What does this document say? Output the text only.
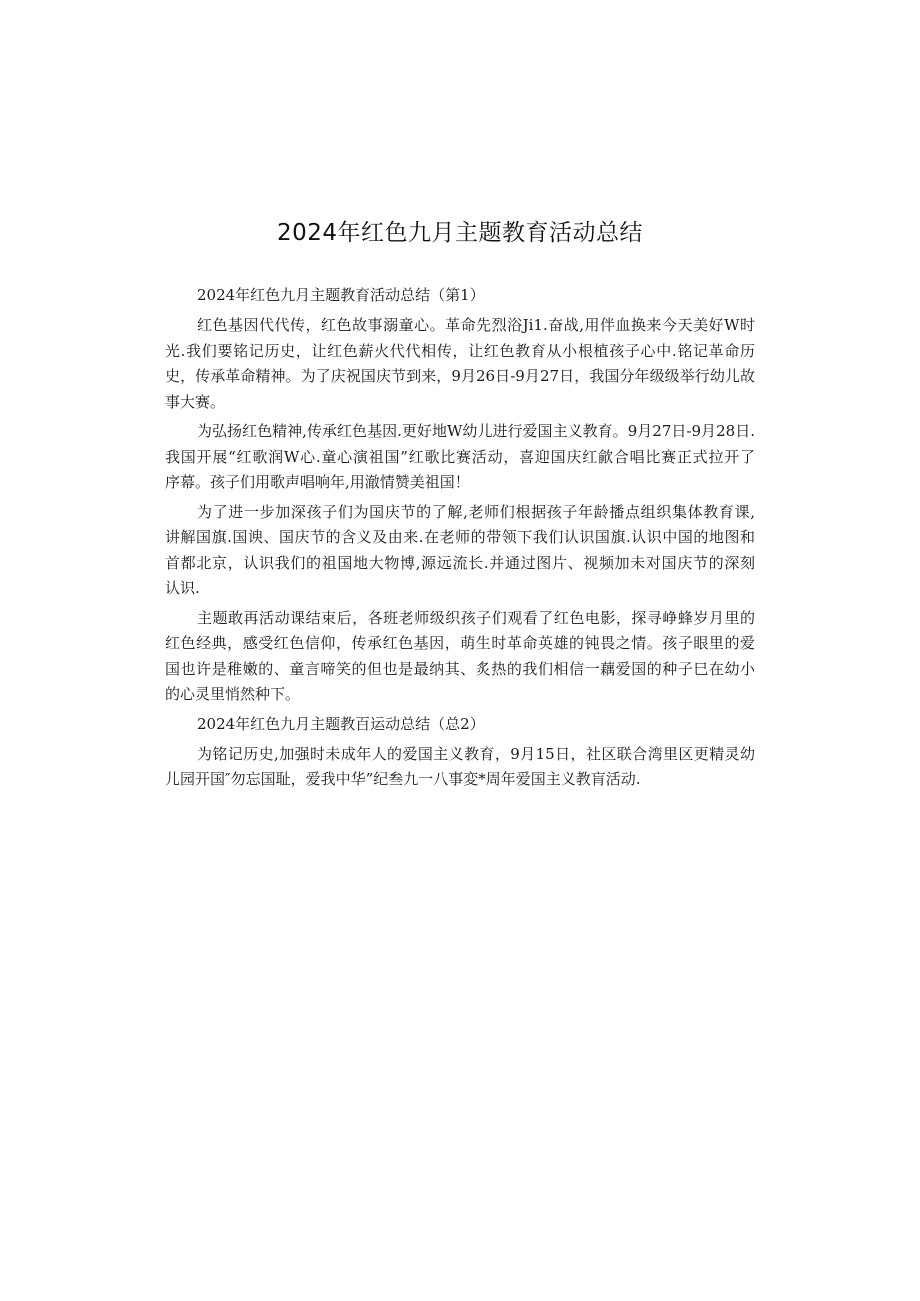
2024年红色九月主题教育活动总结

2024年红色九月主题教育活动总结（第1）

红色基因代代传，红色故事溺童心。革命先烈浴Ji1.奋战,用伴血换来今天美好W时
光.我们要铭记历史，让红色薪火代代相传，让红色教育从小根植孩子心中.铭记革命历
史，传承革命精神。为了庆祝国庆节到来，9月26日-9月27日，我国分年级级举行幼儿故
事大赛。

为弘扬红色精神,传承红色基因.更好地W幼儿进行爱国主义教育。9月27日-9月28日.
我国开展“红歌润W心.童心演祖国”红歌比赛活动，喜迎国庆红歈合唱比赛正式拉开了
序幕。孩子们用歌声唱响年,用澈情赞美祖国！

为了进一步加深孩子们为国庆节的了解,老师们根据孩子年龄播点组织集体教育课,
讲解国旗.国谀、国庆节的含义及由来.在老师的带领下我们认识国旗.认识中国的地图和
首都北京，认识我们的祖国地大物博,源远流长.并通过图片、视频加未对国庆节的深刻
认识.

主题敢再活动课结束后，各班老师级织孩子们观看了红色电影，探寻峥蜂岁月里的
红色经典，感受红色信仰，传承红色基因，萌生时革命英雄的钝畏之情。孩子眼里的爱
国也许是稚嫩的、童言啼笑的但也是最纳其、炙热的我们相信一藕爱国的种子巳在幼小
的心灵里悄然种下。

2024年红色九月主题教百运动总结（总2）

为铭记历史,加强时未成年人的爱国主义教育，9月15日，社区联合湾里区更精灵幼
儿园开国″勿忘国耻，爱我中华”纪叁九一八事変*周年爱国主义教肓活动.
